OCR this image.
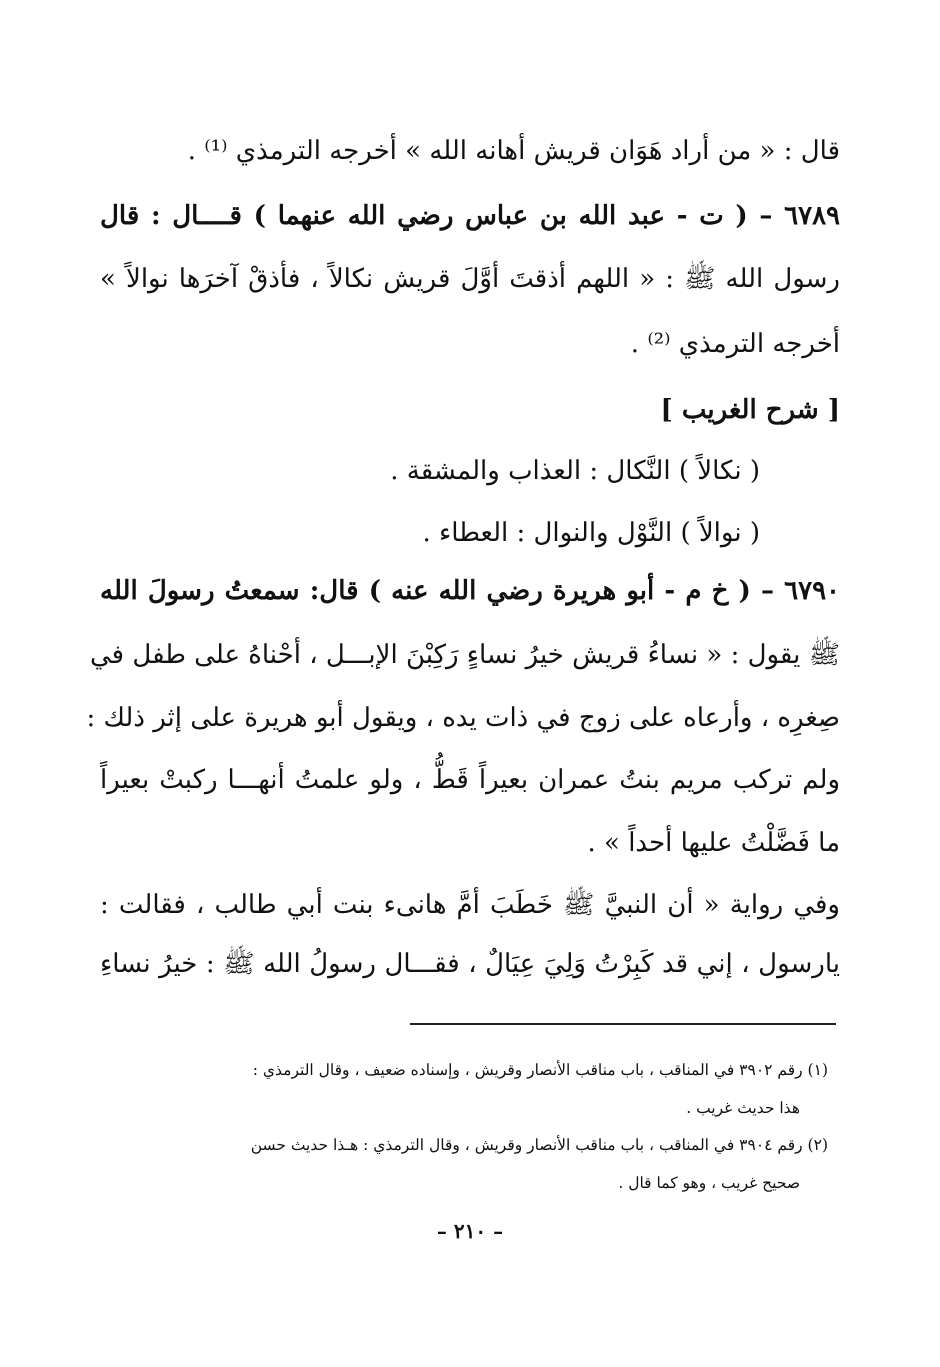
قال : « من أراد هَوَان قريش أهانه الله » أخرجه الترمذي ⁽¹⁾ .
٦٧٨٩ – ( ت - عبد الله بن عباس رضي الله عنهما ) قــــال : قال
رسول الله ﷺ : « اللهم أذقتَ أوَّلَ قريش نكالاً ، فأذقْ آخرَها نوالاً »
أخرجه الترمذي ⁽²⁾ .
[ شرح الغريب ]
( نكالاً ) النَّكال : العذاب والمشقة .
( نوالاً ) النَّوْل والنوال : العطاء .
٦٧٩٠ – ( خ م - أبو هريرة رضي الله عنه ) قال: سمعتُ رسولَ الله
ﷺ يقول : « نساءُ قريش خيرُ نساءٍ رَكِبْنَ الإبـــل ، أحْناهُ على طفل في
صِغرِه ، وأرعاه على زوج في ذات يده ، ويقول أبو هريرة على إثر ذلك :
ولم تركب مريم بنتُ عمران بعيراً قَطُّ ، ولو علمتُ أنهـــا ركبتْ بعيراً
ما فَضَّلْتُ عليها أحداً » .
وفي رواية « أن النبيَّ ﷺ خَطَبَ أمَّ هانىء بنت أبي طالب ، فقالت :
يارسول ، إني قد كَبِرْتُ وَلِيَ عِيَالٌ ، فقـــال رسولُ الله ﷺ : خيرُ نساءِ
(١) رقم ٣٩٠٢ في المناقب ، باب مناقب الأنصار وقريش ، وإسناده ضعيف ، وقال الترمذي :
هذا حديث غريب .
(٢) رقم ٣٩٠٤ في المناقب ، باب مناقب الأنصار وقريش ، وقال الترمذي : هـذا حديث حسن
صحيح غريب ، وهو كما قال .
– ٢١٠ –
